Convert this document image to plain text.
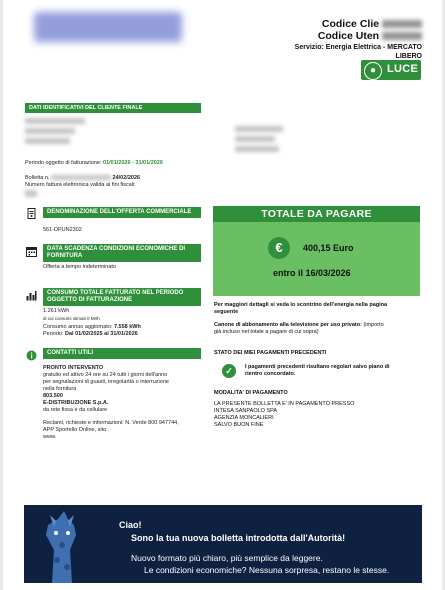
Codice Clie
Codice Uten
Servizio: Energia Elettrica - MERCATO
LIBERO
● LUCE
DATI IDENTIFICATIVI DEL CLIENTE FINALE
Periodo oggetto di fatturazione: 01/01/2026 - 31/01/2026
Bolletta n.	24/02/2026
Numero fattura elettronica valida ai fini fiscali:
DENOMINAZIONE DELL'OFFERTA COMMERCIALE
561-DPUN2302
DATA SCADENZA CONDIZIONI ECONOMICHE DI FORNITURA
Offerta a tempo indeterminato
CONSUMO TOTALE FATTURATO NEL PERIODO OGGETTO DI FATTURAZIONE
1.261 kWh
di cui consumi stimati 0 kWh
Consumo annuo aggiornato: 7.558 kWh
Periodo: Dal 01/02/2025 al 31/01/2026
CONTATTI UTILI
PRONTO INTERVENTO
gratuito ed attivo 24 ore su 24 tutti i giorni dell'anno
per segnalazioni di guasti, irregolarità o interruzione
nella fornitura
803.500
E-DISTRIBUZIONE S.p.A.
da rete fissa e da cellulare
Reclami, richieste e informazioni: N. Verde 800 947744,
APP Sportello Online, sito
www.
TOTALE DA PAGARE
€	400,15 Euro
entro il 16/03/2026
Per maggiori dettagli si veda lo scontrino dell'energia nella pagina
seguente
Canone di abbonamento alla televisione per uso privato: (importo
già incluso nel totale a pagare di cui sopra)
STATO DEI MIEI PAGAMENTI PRECEDENTI
✓	I pagamenti precedenti risultano regolari salvo piano di
rientro concordato.
MODALITA' DI PAGAMENTO
LA PRESENTE BOLLETTA E' IN PAGAMENTO PRESSO
INTESA SANPAOLO SPA
AGENZIA MONCALIERI
SALVO BUON FINE
Ciao!
Sono la tua nuova bolletta introdotta dall'Autorità!
Nuovo formato più chiaro, più semplice da leggere.
Le condizioni economiche? Nessuna sorpresa, restano le stesse.
